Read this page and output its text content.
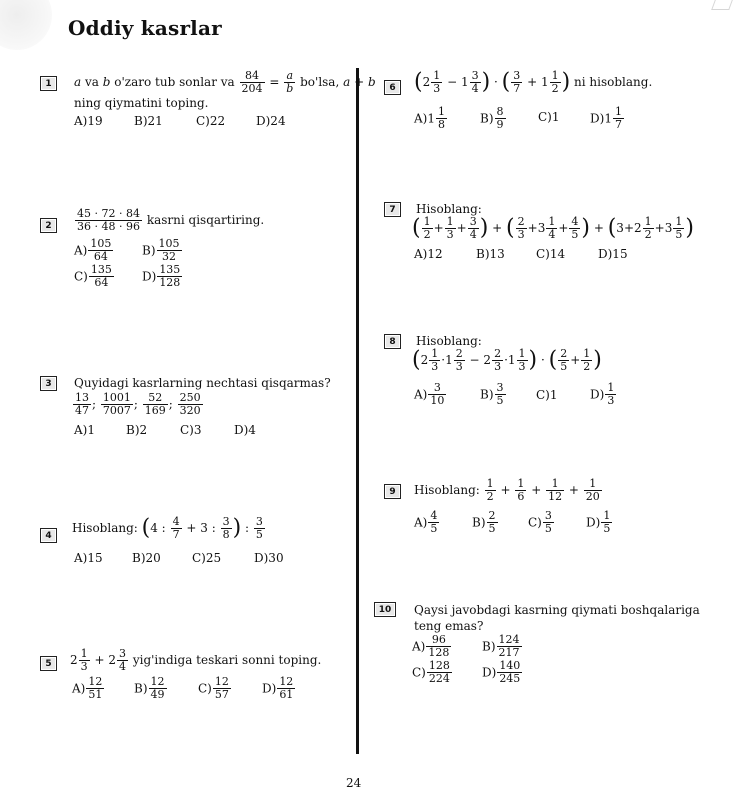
Oddiy kasrlar
1	a va b o'zaro tub sonlar va $\frac{84}{204} = \frac{a}{b} bo'lsa$, a + b
ning qiymatini toping.
A)19	B)21	C)22	D)24
2	$\frac{45 \cdot 72 \cdot 84}{36 \cdot 48 \cdot 96}$ kasrni qisqartiring.
$A) \frac{105}{64} B) \frac{105}{32}$
$C) \frac{135}{64} D) \frac{135}{128}$
3	Quyidagi kasrlarning nechtasi qisqarmas?
$\frac{13}{47}$ ; $\frac{1001}{7007}$ ; $\frac{52}{169}$ ; $\frac{250}{320}$
A)1	B)2	C)3	D)4
4
Hisoblang: (4 : $\frac{4}{7} + 3$ : $\frac{3}{8}$ ) : $\frac{3}{5}$
A)15 B)20	C)25	D)30
5	$2 \frac{1}{3} + 2 \frac{3}{4}$ yig'indiga teskari sonni toping.
$A) \frac{12}{51} B) \frac{12}{49}$	$C) \frac{12}{57}$	$D) \frac{12}{61}$
6 ($2 \frac{1}{3} - 1 \frac{3}{4}$ ) · ( $\frac{3}{7} + 1 \frac{1}{2}$ ) ni hisoblang.
$A)1 \frac{1}{8}$	$B) \frac{8}{9}$	C)1	$D)1 \frac{1}{7}$
7	Hisoblang:
( $\frac{1}{2} + \frac{1}{3} + \frac{3}{4}$ ) + ( $\frac{2}{3} +3 \frac{1}{4} + \frac{4}{5}$ ) + ($3+2 \frac{1}{2} +3 \frac{1}{5}$ )
A)12	B)13	C)14	D)15
8	Hisoblang:
($2 \frac{1}{3} \cdot 1 \frac{2}{3} - 2 \frac{2}{3} \cdot 1 \frac{1}{3}$ ) · ( $\frac{2}{5} + \frac{1}{2}$ )
$A) \frac{3}{10}$	$B) \frac{3}{5}$	C)1	$D) \frac{1}{3}$
9	Hisoblang: $\frac{1}{2} + \frac{1}{6} + \frac{1}{12} + \frac{1}{20}$
$A) \frac{4}{5}$	$B) \frac{2}{5}$	$C) \frac{3}{5}$	$D) \frac{1}{5}$
10	Qaysi javobdagi kasrning qiymati boshqalariga
teng emas?
$A) \frac{96}{128}$	$B) \frac{124}{217}$
$C) \frac{128}{224}$	$D) \frac{140}{245}$
24
